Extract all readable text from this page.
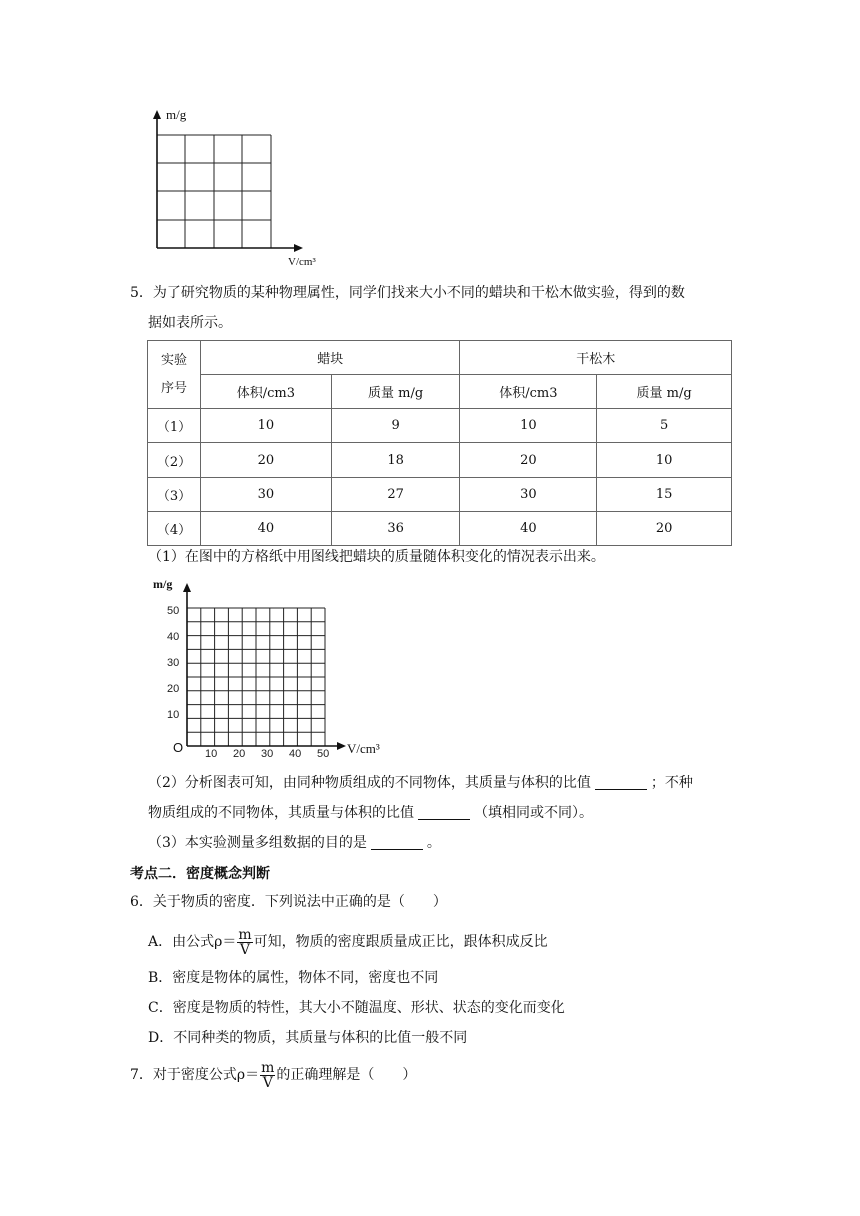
m/g
V/cm³
5．为了研究物质的某种物理属性，同学们找来大小不同的蜡块和干松木做实验，得到的数
据如表所示。
实验
序号	蜡块		干松木	
	体积/cm3	质量 m/g	体积/cm3	质量 m/g
（1）	10	9	10	5
（2）	20	18	20	10
（3）	30	27	30	15
（4）	40	36	40	20
（1）在图中的方格纸中用图线把蜡块的质量随体积变化的情况表示出来。
m/g
V/cm³
O
50
40
30
20
10
10 20 30 40 50
（2）分析图表可知，由同种物质组成的不同物体，其质量与体积的比值	；不种
物质组成的不同物体，其质量与体积的比值	（填相同或不同）。
（3）本实验测量多组数据的目的是	。
考点二．密度概念判断
6．关于物质的密度．下列说法中正确的是（　　）
A．由公式$\rho= \frac{m}{V}$ 可知，物质的密度跟质量成正比，跟体积成反比
B．密度是物体的属性，物体不同，密度也不同
C．密度是物质的特性，其大小不随温度、形状、状态的变化而变化
D．不同种类的物质，其质量与体积的比值一般不同
7．对于密度公式$\rho= \frac{m}{V}$ 的正确理解是（　　）
